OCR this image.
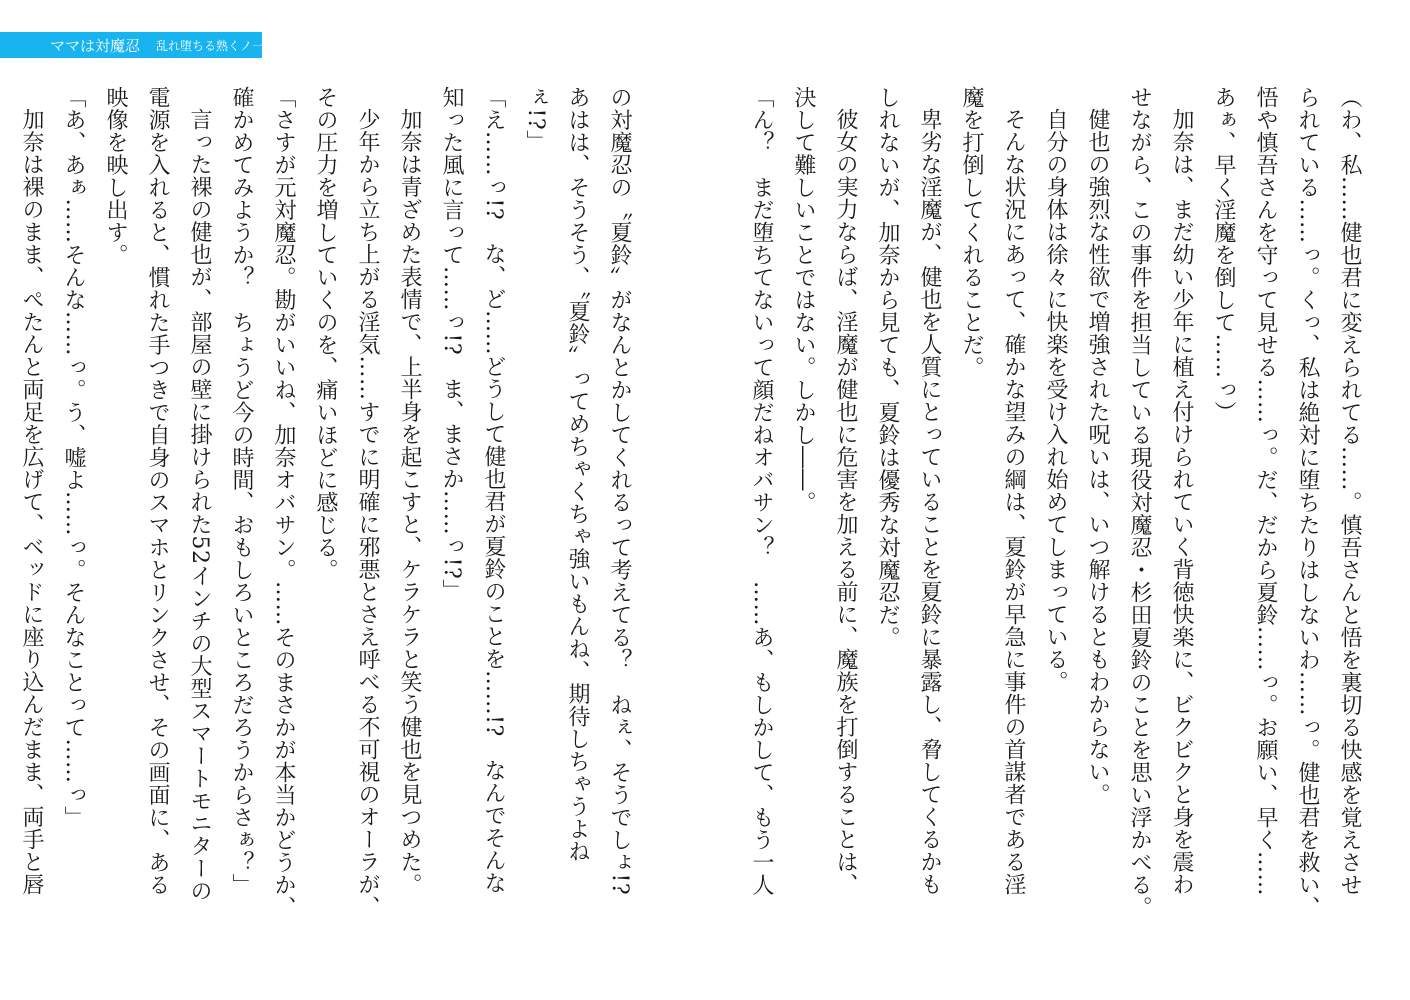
ママは対魔忍 乱れ堕ちる熟くノ一

（わ、私……健也君に変えられてる……。慎吾さんと悟を裏切る快感を覚えさせ

られている……っ。くっ、私は絶対に堕ちたりはしないわ……っ。健也君を救い、

悟や慎吾さんを守って見せる……っ。だ、だから夏鈴……っ。お願い、早く……

あぁ、早く淫魔を倒して……っ）

加奈は、まだ幼い少年に植え付けられていく背徳快楽に、ビクビクと身を震わ

せながら、この事件を担当している現役対魔忍・杉田夏鈴のことを思い浮かべる。

健也の強烈な性欲で増強された呪いは、いつ解けるともわからない。

自分の身体は徐々に快楽を受け入れ始めてしまっている。

そんな状況にあって、確かな望みの綱は、夏鈴が早急に事件の首謀者である淫

魔を打倒してくれることだ。

卑劣な淫魔が、健也を人質にとっていることを夏鈴に暴露し、脅してくるかも

しれないが、加奈から見ても、夏鈴は優秀な対魔忍だ。

彼女の実力ならば、淫魔が健也に危害を加える前に、魔族を打倒することは、

決して難しいことではない。しかし――。

「ん？　まだ堕ちてないって顔だねオバサン？　……あ、もしかして、もう一人

の対魔忍の〝夏鈴〟がなんとかしてくれるって考えてる？　ねぇ、そうでしょ!?

あはは、そうそう、〝夏鈴〟ってめちゃくちゃ強いもんね、期待しちゃうよね

ぇ!?」

「え……っ!?　な、ど……どうして健也君が夏鈴のことを……!?　なんでそんな

知った風に言って……っ!?　ま、まさか……っ!?」

加奈は青ざめた表情で、上半身を起こすと、ケラケラと笑う健也を見つめた。

少年から立ち上がる淫気……すでに明確に邪悪とさえ呼べる不可視のオーラが、

その圧力を増していくのを、痛いほどに感じる。

「さすが元対魔忍。勘がいいね、加奈オバサン。……そのまさかが本当かどうか、

確かめてみようか？　ちょうど今の時間、おもしろいところだろうからさぁ？」

言った裸の健也が、部屋の壁に掛けられた52インチの大型スマートモニターの

電源を入れると、慣れた手つきで自身のスマホとリンクさせ、その画面に、ある

映像を映し出す。

「あ、あぁ……そんな……っ。う、嘘よ……っ。そんなことって……っ」

加奈は裸のまま、ぺたんと両足を広げて、ベッドに座り込んだまま、両手と唇
